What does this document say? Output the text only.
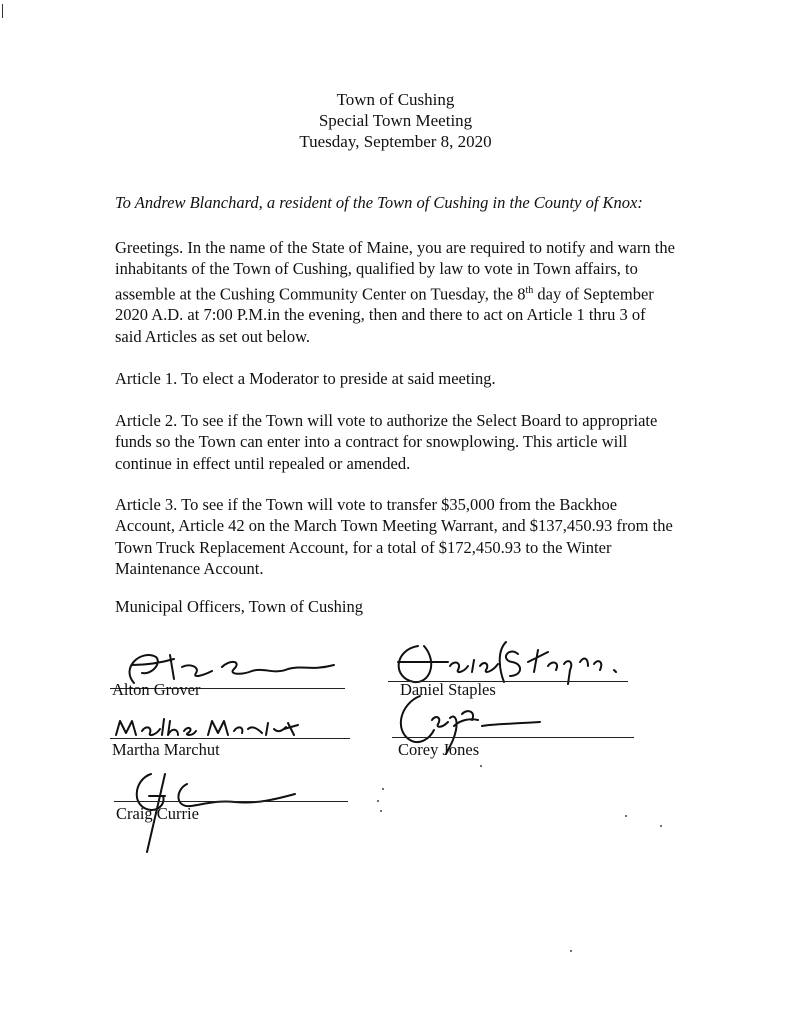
Town of Cushing
Special Town Meeting
Tuesday, September 8, 2020
To Andrew Blanchard, a resident of the Town of Cushing in the County of Knox:

Greetings. In the name of the State of Maine, you are required to notify and warn the inhabitants of the Town of Cushing, qualified by law to vote in Town affairs, to assemble at the Cushing Community Center on Tuesday, the 8th day of September 2020 A.D. at 7:00 P.M.in the evening, then and there to act on Article 1 thru 3 of said Articles as set out below.

Article 1. To elect a Moderator to preside at said meeting.

Article 2. To see if the Town will vote to authorize the Select Board to appropriate funds so the Town can enter into a contract for snowplowing. This article will continue in effect until repealed or amended.

Article 3. To see if the Town will vote to transfer $35,000 from the Backhoe Account, Article 42 on the March Town Meeting Warrant, and $137,450.93 from the Town Truck Replacement Account, for a total of $172,450.93 to the Winter Maintenance Account.

Municipal Officers, Town of Cushing
Alton Grover
Martha Marchut
Craig Currie
Daniel Staples
Corey Jones
